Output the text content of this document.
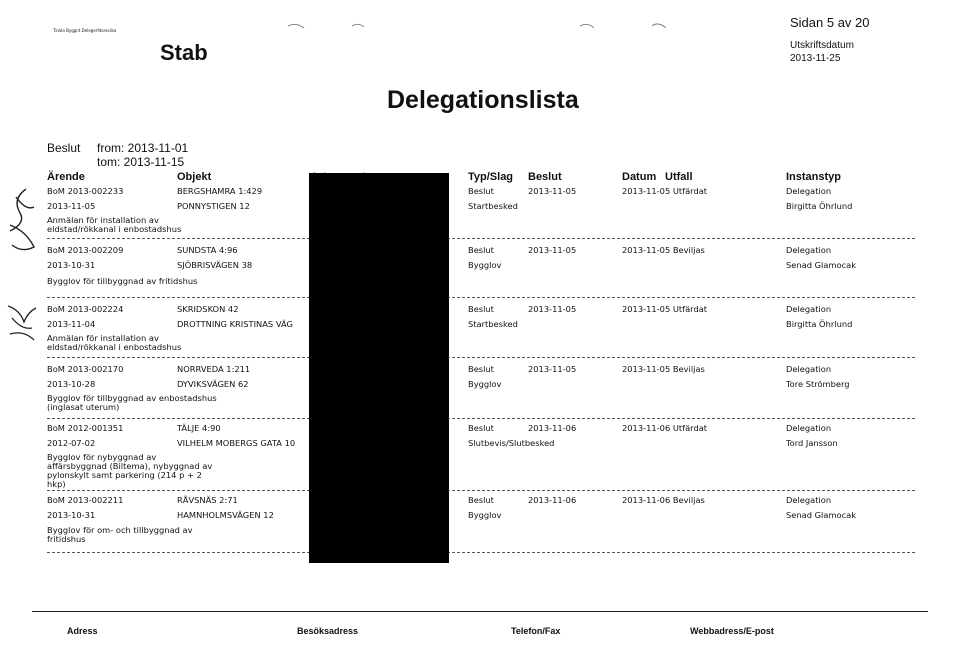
Tinklo Byggnt Delegerfdsreslisa
Stab
Sidan 5 av 20
Utskriftsdatum
2013-11-25
Delegationslista
Beslut from: 2013-11-01
tom: 2013-11-15
Ärende	Objekt	Typ/Slag Beslut	Datum Utfall	Instanstyp
BoM 2013-002233	BERGSHAMRA 1:429	Beslut	2013-11-05	2013-11-05 Utfärdat	Delegation
2013-11-05	PONNYSTIGEN 12	Startbesked	Birgitta Öhrlund
Anmälan för installation av eldstad/rökkanal i enbostadshus
BoM 2013-002209	SUNDSTA 4:96	Beslut	2013-11-05	2013-11-05 Beviljas	Delegation
2013-10-31	SJÖBRISVÄGEN 38	Bygglov	Senad Glamocak
Bygglov för tillbyggnad av fritidshus
BoM 2013-002224	SKRIDSKON 42	Beslut	2013-11-05	2013-11-05 Utfärdat	Delegation
2013-11-04	DROTTNING KRISTINAS VÄG	Startbesked	Birgitta Öhrlund
Anmälan för installation av eldstad/rökkanal i enbostadshus
BoM 2013-002170	NORRVEDA 1:211	Beslut	2013-11-05	2013-11-05 Beviljas	Delegation
2013-10-28	DYVIKSVÄGEN 62	Bygglov	Tore Strömberg
Bygglov för tillbyggnad av enbostadshus (inglasat uterum)
BoM 2012-001351	TÄLJE 4:90	Beslut	2013-11-06	2013-11-06 Utfärdat	Delegation
2012-07-02	VILHELM MOBERGS GATA 10	Slutbevis/Slutbesked	Tord Jansson
Bygglov för nybyggnad av affärsbyggnad (Biltema), nybyggnad av pylonskylt samt parkering (214 p + 2 hkp)
BoM 2013-002211	RÅVSNÄS 2:71	Beslut	2013-11-06	2013-11-06 Beviljas	Delegation
2013-10-31	HAMNHOLMSVÄGEN 12	Bygglov	Senad Glamocak
Bygglov för om- och tillbyggnad av fritidshus
Adress	Besöksadress	Telefon/Fax	Webbadress/E-post
